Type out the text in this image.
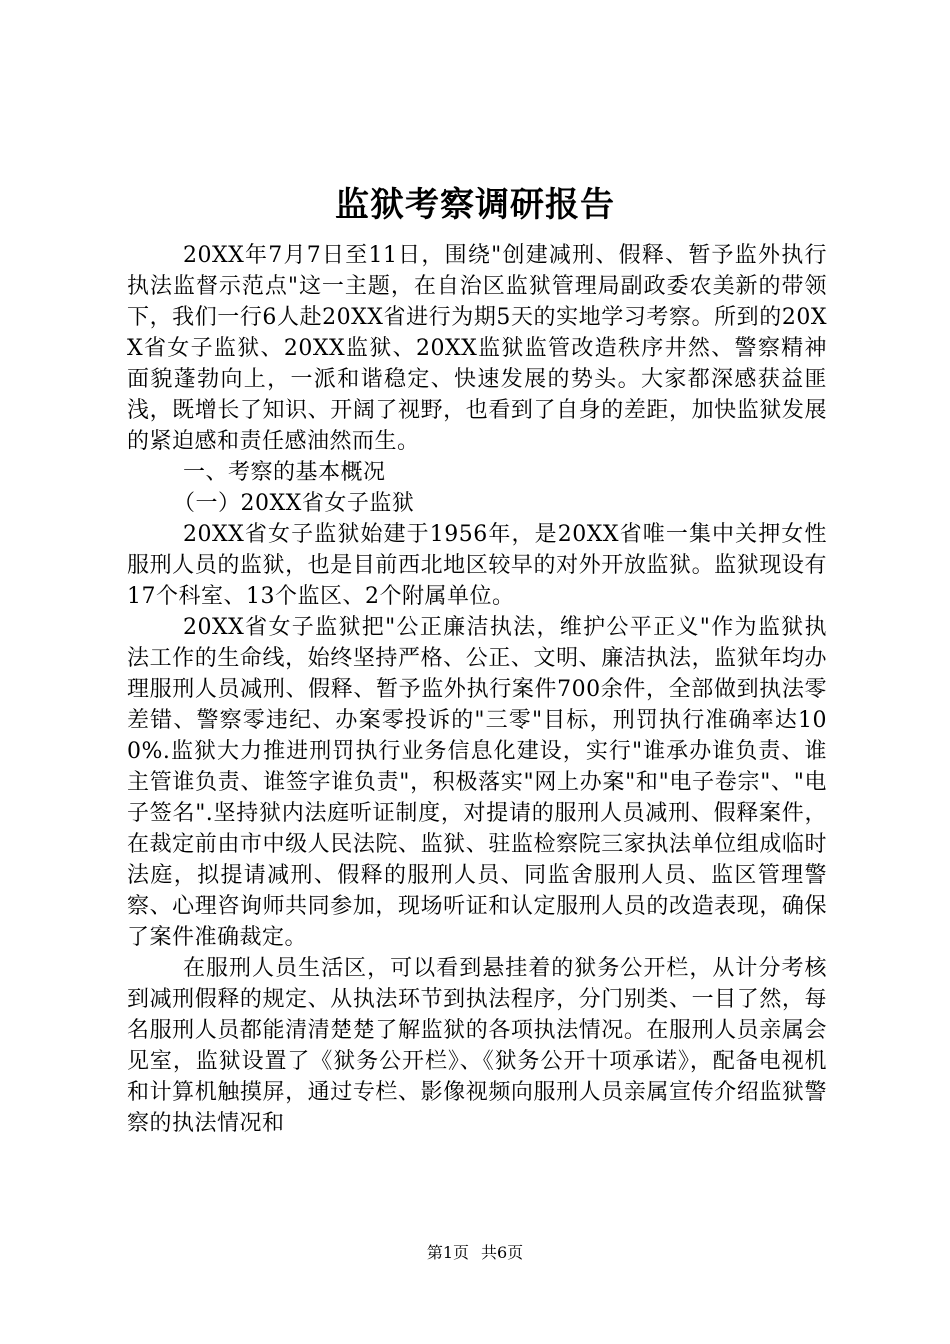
监狱考察调研报告

20XX年7月7日至11日，围绕"创建减刑、假释、暂予监外执行执法监督示范点"这一主题，在自治区监狱管理局副政委农美新的带领下，我们一行6人赴20XX省进行为期5天的实地学习考察。所到的20XX省女子监狱、20XX监狱、20XX监狱监管改造秩序井然、警察精神面貌蓬勃向上，一派和谐稳定、快速发展的势头。大家都深感获益匪浅，既增长了知识、开阔了视野，也看到了自身的差距，加快监狱发展的紧迫感和责任感油然而生。

一、考察的基本概况

（一）20XX省女子监狱

20XX省女子监狱始建于1956年，是20XX省唯一集中关押女性服刑人员的监狱，也是目前西北地区较早的对外开放监狱。监狱现设有17个科室、13个监区、2个附属单位。

20XX省女子监狱把"公正廉洁执法，维护公平正义"作为监狱执法工作的生命线，始终坚持严格、公正、文明、廉洁执法，监狱年均办理服刑人员减刑、假释、暂予监外执行案件700余件，全部做到执法零差错、警察零违纪、办案零投诉的"三零"目标，刑罚执行准确率达100%.监狱大力推进刑罚执行业务信息化建设，实行"谁承办谁负责、谁主管谁负责、谁签字谁负责"，积极落实"网上办案"和"电子卷宗"、"电子签名".坚持狱内法庭听证制度，对提请的服刑人员减刑、假释案件，在裁定前由市中级人民法院、监狱、驻监检察院三家执法单位组成临时法庭，拟提请减刑、假释的服刑人员、同监舍服刑人员、监区管理警察、心理咨询师共同参加，现场听证和认定服刑人员的改造表现，确保了案件准确裁定。

在服刑人员生活区，可以看到悬挂着的狱务公开栏，从计分考核到减刑假释的规定、从执法环节到执法程序，分门别类、一目了然，每名服刑人员都能清清楚楚了解监狱的各项执法情况。在服刑人员亲属会见室，监狱设置了《狱务公开栏》、《狱务公开十项承诺》，配备电视机和计算机触摸屏，通过专栏、影像视频向服刑人员亲属宣传介绍监狱警察的执法情况和

第1页 共6页
